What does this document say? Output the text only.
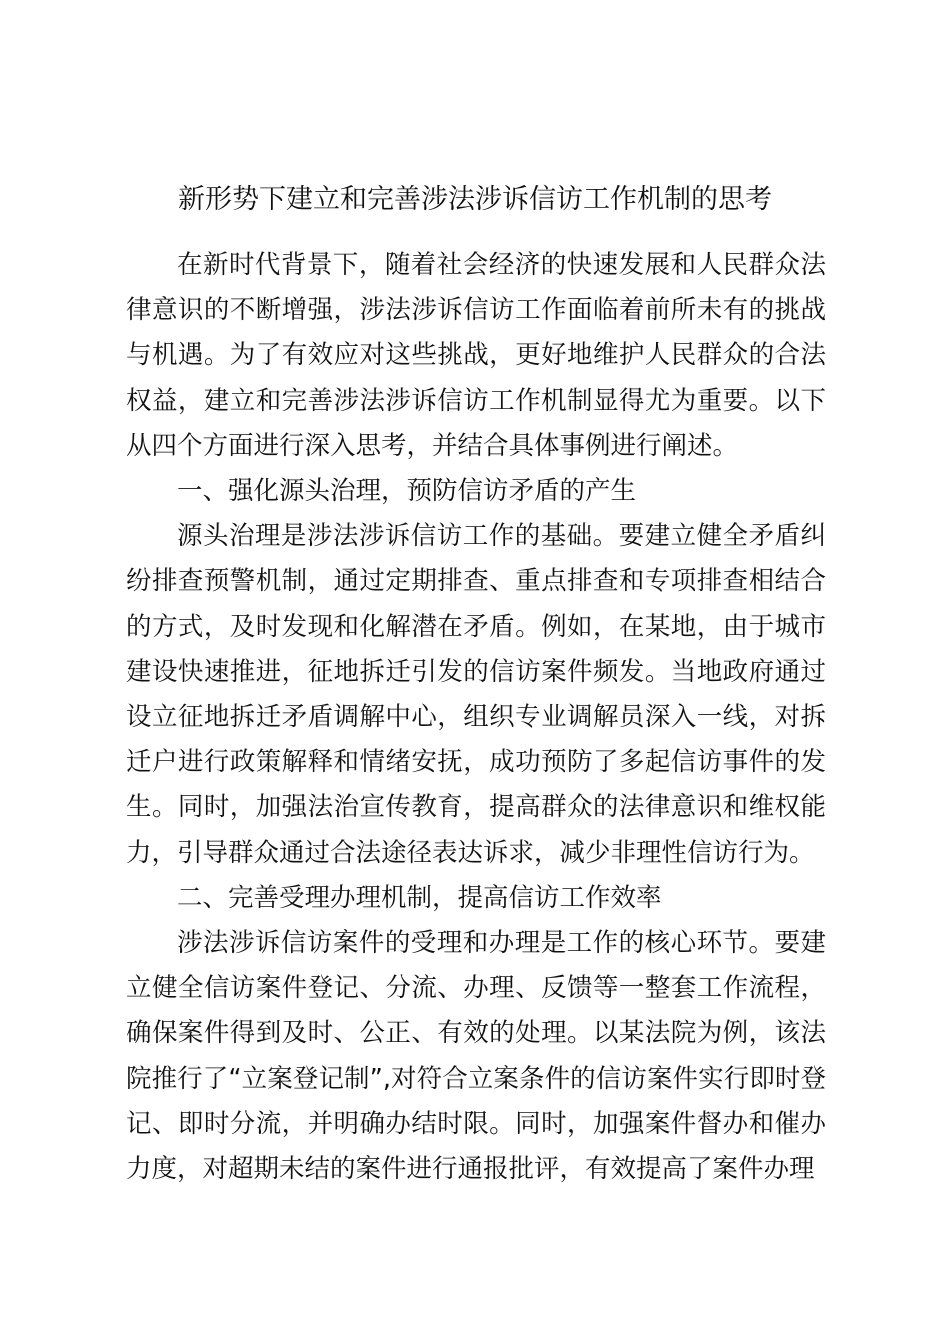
新形势下建立和完善涉法涉诉信访工作机制的思考

在新时代背景下，随着社会经济的快速发展和人民群众法律意识的不断增强，涉法涉诉信访工作面临着前所未有的挑战与机遇。为了有效应对这些挑战，更好地维护人民群众的合法权益，建立和完善涉法涉诉信访工作机制显得尤为重要。以下从四个方面进行深入思考，并结合具体事例进行阐述。

一、强化源头治理，预防信访矛盾的产生

源头治理是涉法涉诉信访工作的基础。要建立健全矛盾纠纷排查预警机制，通过定期排查、重点排查和专项排查相结合的方式，及时发现和化解潜在矛盾。例如，在某地，由于城市建设快速推进，征地拆迁引发的信访案件频发。当地政府通过设立征地拆迁矛盾调解中心，组织专业调解员深入一线，对拆迁户进行政策解释和情绪安抚，成功预防了多起信访事件的发生。同时，加强法治宣传教育，提高群众的法律意识和维权能力，引导群众通过合法途径表达诉求，减少非理性信访行为。

二、完善受理办理机制，提高信访工作效率

涉法涉诉信访案件的受理和办理是工作的核心环节。要建立健全信访案件登记、分流、办理、反馈等一整套工作流程，确保案件得到及时、公正、有效的处理。以某法院为例，该法院推行了“立案登记制”,对符合立案条件的信访案件实行即时登记、即时分流，并明确办结时限。同时，加强案件督办和催办力度，对超期未结的案件进行通报批评，有效提高了案件办理
